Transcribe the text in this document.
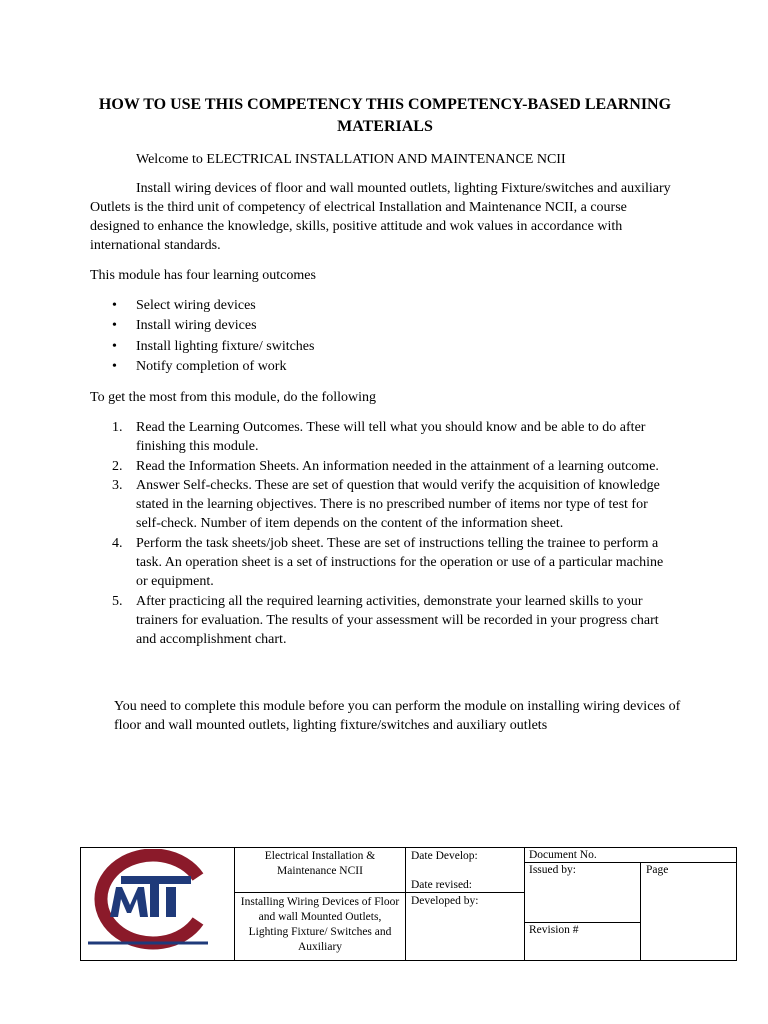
HOW TO USE THIS COMPETENCY THIS COMPETENCY-BASED LEARNING MATERIALS
Welcome to ELECTRICAL INSTALLATION AND MAINTENANCE NCII
Install wiring devices of floor and wall mounted outlets, lighting Fixture/switches and auxiliary Outlets is the third unit of competency of electrical Installation and Maintenance NCII, a course designed to enhance the knowledge, skills, positive attitude and wok values in accordance with international standards.
This module has four learning outcomes
• Select wiring devices
• Install wiring devices
• Install lighting fixture/ switches
• Notify completion of work
To get the most from this module, do the following
1. Read the Learning Outcomes. These will tell what you should know and be able to do after finishing this module.
2. Read the Information Sheets. An information needed in the attainment of a learning outcome.
3. Answer Self-checks. These are set of question that would verify the acquisition of knowledge stated in the learning objectives. There is no prescribed number of items nor type of test for self-check. Number of item depends on the content of the information sheet.
4. Perform the task sheets/job sheet. These are set of instructions telling the trainee to perform a task. An operation sheet is a set of instructions for the operation or use of a particular machine or equipment.
5. After practicing all the required learning activities, demonstrate your learned skills to your trainers for evaluation. The results of your assessment will be recorded in your progress chart and accomplishment chart.
You need to complete this module before you can perform the module on installing wiring devices of floor and wall mounted outlets, lighting fixture/switches and auxiliary outlets
Electrical Installation & Maintenance NCII
Installing Wiring Devices of Floor and wall Mounted Outlets, Lighting Fixture/ Switches and Auxiliary
Date Develop:
Date revised:
Developed by:
Document No.
Issued by:	Page
Revision #
